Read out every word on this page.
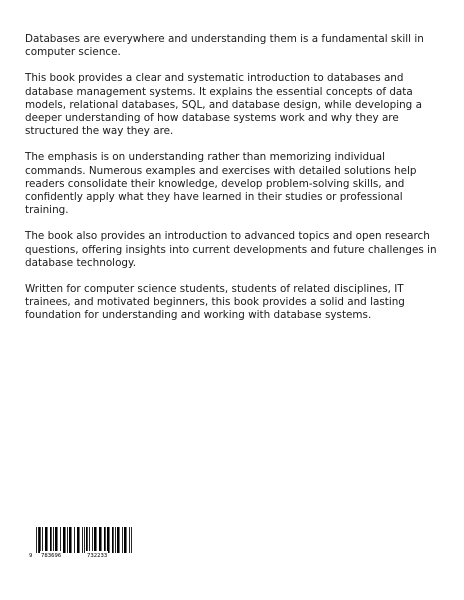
Databases are everywhere and understanding them is a fundamental skill in computer science.

This book provides a clear and systematic introduction to databases and database management systems. It explains the essential concepts of data models, relational databases, SQL, and database design, while developing a deeper understanding of how database systems work and why they are structured the way they are.

The emphasis is on understanding rather than memorizing individual commands. Numerous examples and exercises with detailed solutions help readers consolidate their knowledge, develop problem-solving skills, and confidently apply what they have learned in their studies or professional training.

The book also provides an introduction to advanced topics and open research questions, offering insights into current developments and future challenges in database technology.

Written for computer science students, students of related disciplines, IT trainees, and motivated beginners, this book provides a solid and lasting foundation for understanding and working with database systems.

9 783696	732233
